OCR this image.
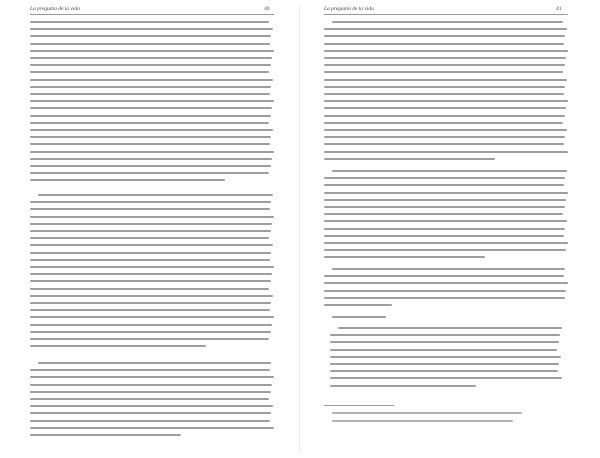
La pregunta de la vida	40	La pregunta de la vida	41
